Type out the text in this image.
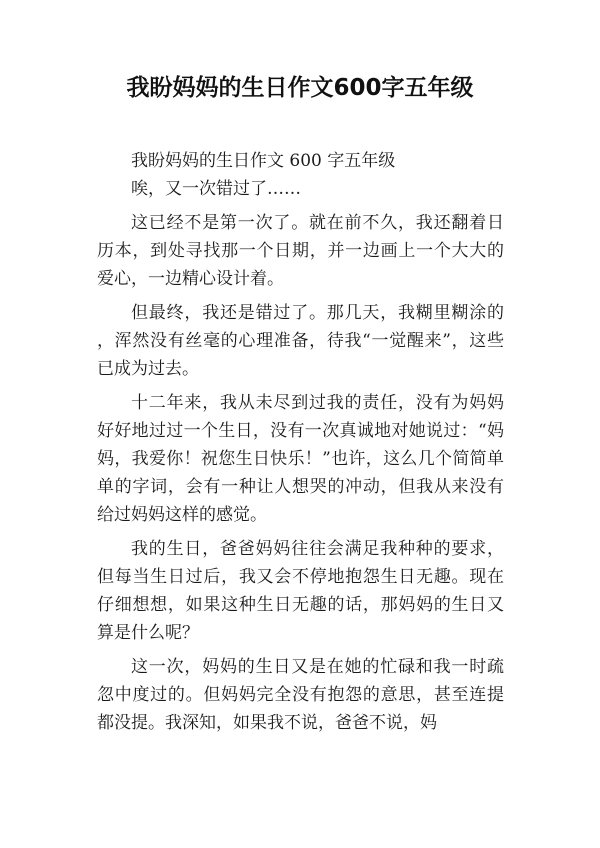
我盼妈妈的生日作文600字五年级

我盼妈妈的生日作文 600 字五年级

唉，又一次错过了……

这已经不是第一次了。就在前不久，我还翻着日历本，到处寻找那一个日期，并一边画上一个大大的爱心，一边精心设计着。

但最终，我还是错过了。那几天，我糊里糊涂的，浑然没有丝毫的心理准备，待我“一觉醒来”，这些已成为过去。

十二年来，我从未尽到过我的责任，没有为妈妈好好地过过一个生日，没有一次真诚地对她说过：“妈妈，我爱你！祝您生日快乐！”也许，这么几个简简单单的字词，会有一种让人想哭的冲动，但我从来没有给过妈妈这样的感觉。

我的生日，爸爸妈妈往往会满足我种种的要求，但每当生日过后，我又会不停地抱怨生日无趣。现在仔细想想，如果这种生日无趣的话，那妈妈的生日又算是什么呢？

这一次，妈妈的生日又是在她的忙碌和我一时疏忽中度过的。但妈妈完全没有抱怨的意思，甚至连提都没提。我深知，如果我不说，爸爸不说，妈
